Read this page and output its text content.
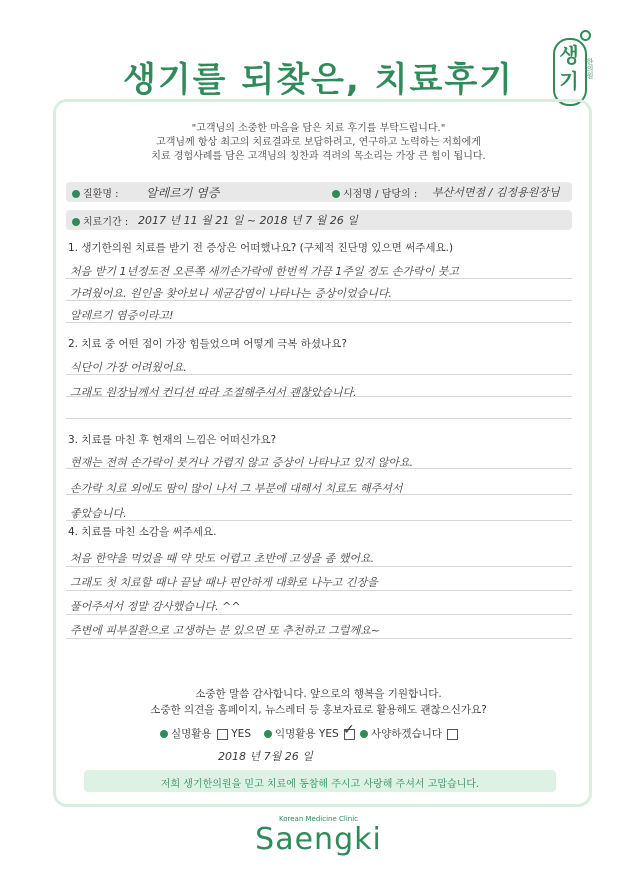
생기를 되찾은, 치료후기
생기
한의원
"고객님의 소중한 마음을 담은 치료 후기를 부탁드립니다."
고객님께 항상 최고의 치료결과로 보답하려고, 연구하고 노력하는 저희에게
치료 경험사례를 담은 고객님의 칭찬과 격려의 목소리는 가장 큰 힘이 됩니다.
질환명 : 알레르기 염증	시점명 / 담당의 : 부산서면점 / 김정용원장님
치료기간 : 2017 년 11 월 21 일 ~ 2018 년 7 월 26 일
1. 생기한의원 치료를 받기 전 증상은 어떠했나요? (구체적 진단명 있으면 써주세요.)
처음 받기 1년정도전 오른쪽 새끼손가락에 한번씩 가끔 1주일 정도 손가락이 붓고
가려웠어요. 원인을 찾아보니 세균감염이 나타나는 증상이었습니다.
알레르기 염증이라고!
2. 치료 중 어떤 점이 가장 힘들었으며 어떻게 극복 하셨나요?
식단이 가장 어려웠어요.
그래도 원장님께서 컨디션 따라 조절해주셔서 괜찮았습니다.
3. 치료를 마친 후 현재의 느낌은 어떠신가요?
현재는 전혀 손가락이 붓거나 가렵지 않고 증상이 나타나고 있지 않아요.
손가락 치료 외에도 땀이 많이 나서 그 부분에 대해서 치료도 해주셔서
좋았습니다.
4. 치료를 마친 소감을 써주세요.
처음 한약을 먹었을 때 약 맛도 어렵고 초반에 고생을 좀 했어요.
그래도 첫 치료할 때나 끝날 때나 편안하게 대화로 나누고 긴장을
풀어주셔서 정말 감사했습니다. ^^
주변에 피부질환으로 고생하는 분 있으면 또 추천하고 그럴께요~
소중한 말씀 감사합니다. 앞으로의 행복을 기원합니다.
소중한 의견을 홈페이지, 뉴스레터 등 홍보자료로 활용해도 괜찮으신가요?
실명활용 YES	익명활용 YES ✓	사양하겠습니다
2018 년 7월 26 일
저희 생기한의원을 믿고 치료에 동참해 주시고 사랑해 주셔서 고맙습니다.
Korean Medicine Clinic
Saengki
